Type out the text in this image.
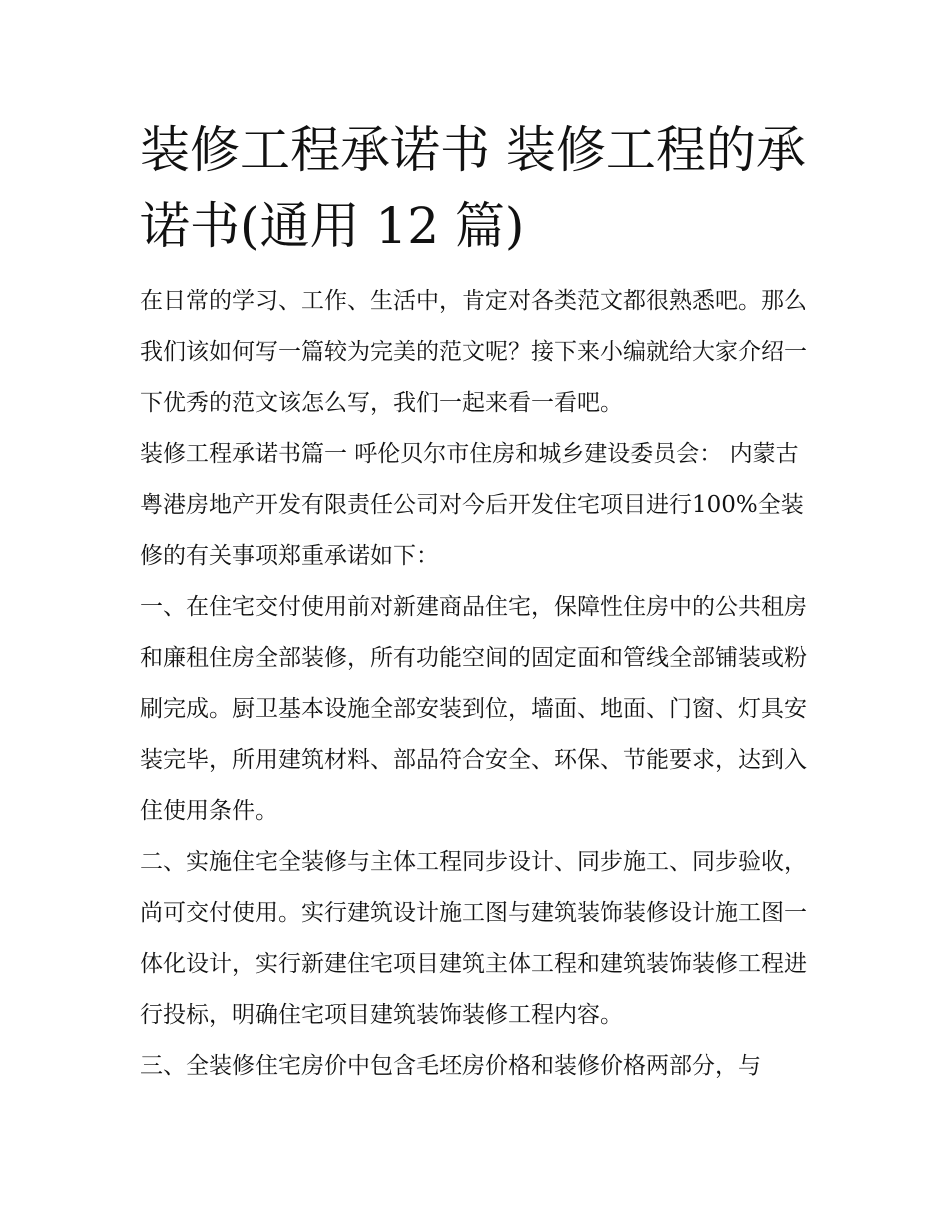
装修工程承诺书 装修工程的承诺书(通用 12 篇)

在日常的学习、工作、生活中，肯定对各类范文都很熟悉吧。那么我们该如何写一篇较为完美的范文呢？接下来小编就给大家介绍一下优秀的范文该怎么写，我们一起来看一看吧。

装修工程承诺书篇一 呼伦贝尔市住房和城乡建设委员会： 内蒙古粤港房地产开发有限责任公司对今后开发住宅项目进行100%全装修的有关事项郑重承诺如下：

一、在住宅交付使用前对新建商品住宅，保障性住房中的公共租房和廉租住房全部装修，所有功能空间的固定面和管线全部铺装或粉刷完成。厨卫基本设施全部安装到位，墙面、地面、门窗、灯具安装完毕，所用建筑材料、部品符合安全、环保、节能要求，达到入住使用条件。

二、实施住宅全装修与主体工程同步设计、同步施工、同步验收，尚可交付使用。实行建筑设计施工图与建筑装饰装修设计施工图一体化设计，实行新建住宅项目建筑主体工程和建筑装饰装修工程进行投标，明确住宅项目建筑装饰装修工程内容。

三、全装修住宅房价中包含毛坯房价格和装修价格两部分，与
